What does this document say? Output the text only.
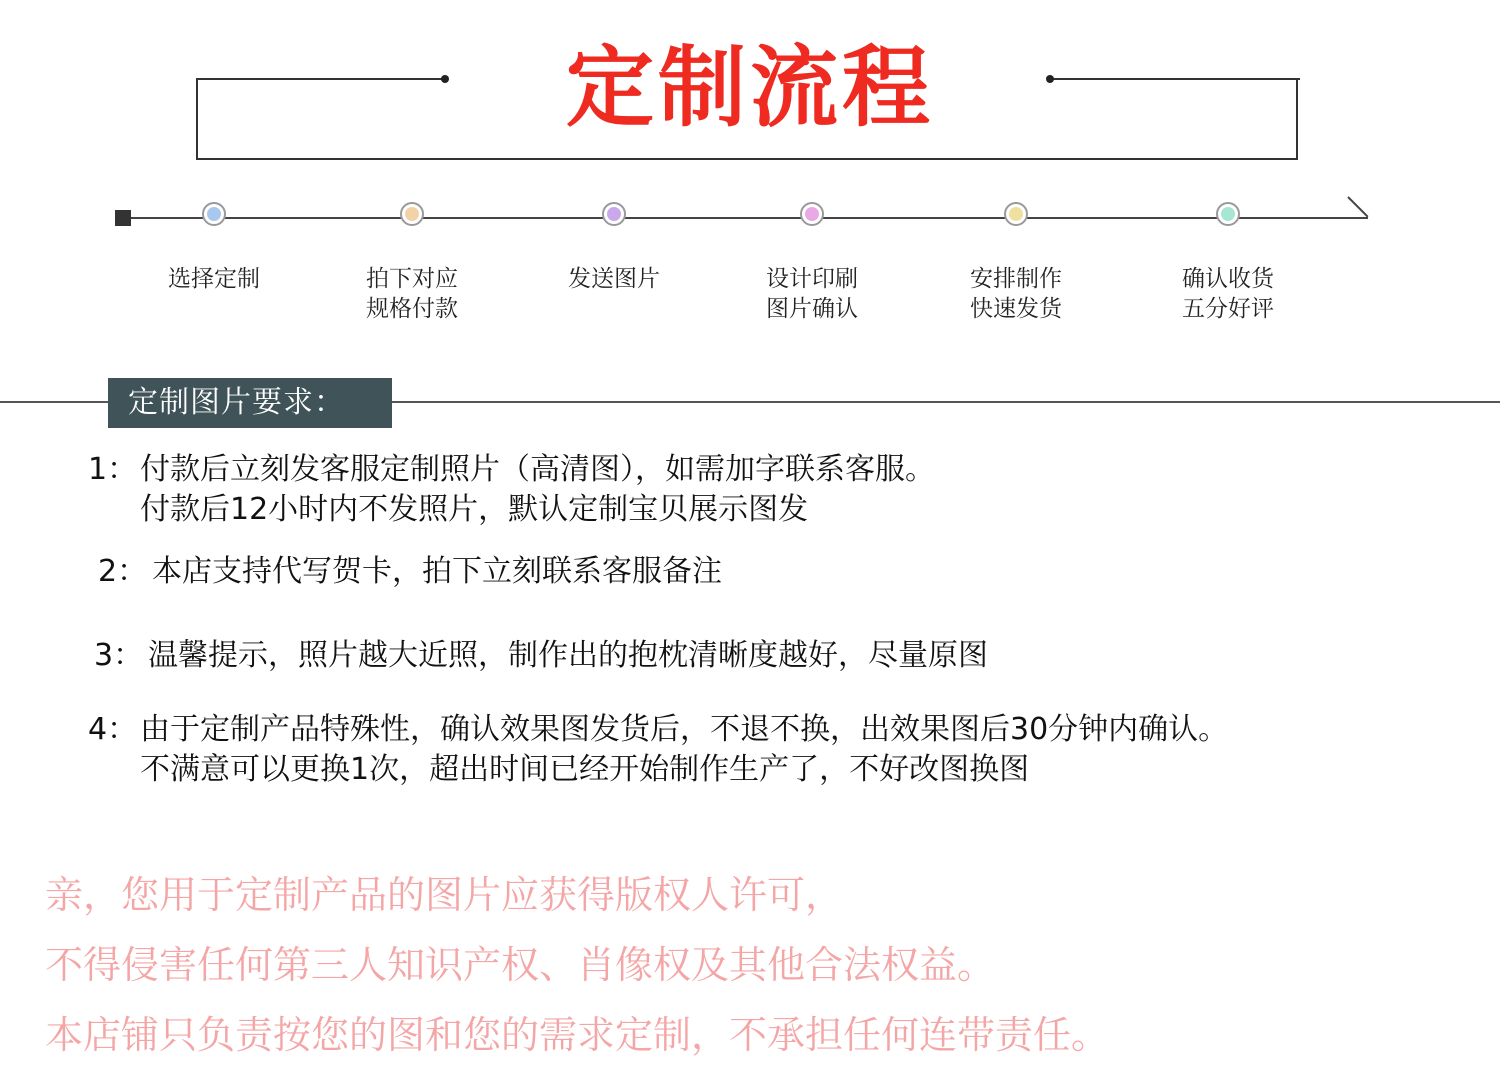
定制流程
选择定制	拍下对应
规格付款
发送图片	设计印刷
图片确认
安排制作
快速发货
确认收货
五分好评
定制图片要求：
1： 付款后立刻发客服定制照片（高清图），如需加字联系客服。
付款后12小时内不发照片，默认定制宝贝展示图发
2： 本店支持代写贺卡，拍下立刻联系客服备注
3： 温馨提示，照片越大近照，制作出的抱枕清晰度越好，尽量原图
4： 由于定制产品特殊性，确认效果图发货后，不退不换，出效果图后30分钟内确认。
不满意可以更换1次，超出时间已经开始制作生产了，不好改图换图
亲，您用于定制产品的图片应获得版权人许可，
不得侵害任何第三人知识产权、肖像权及其他合法权益。
本店铺只负责按您的图和您的需求定制，不承担任何连带责任。
